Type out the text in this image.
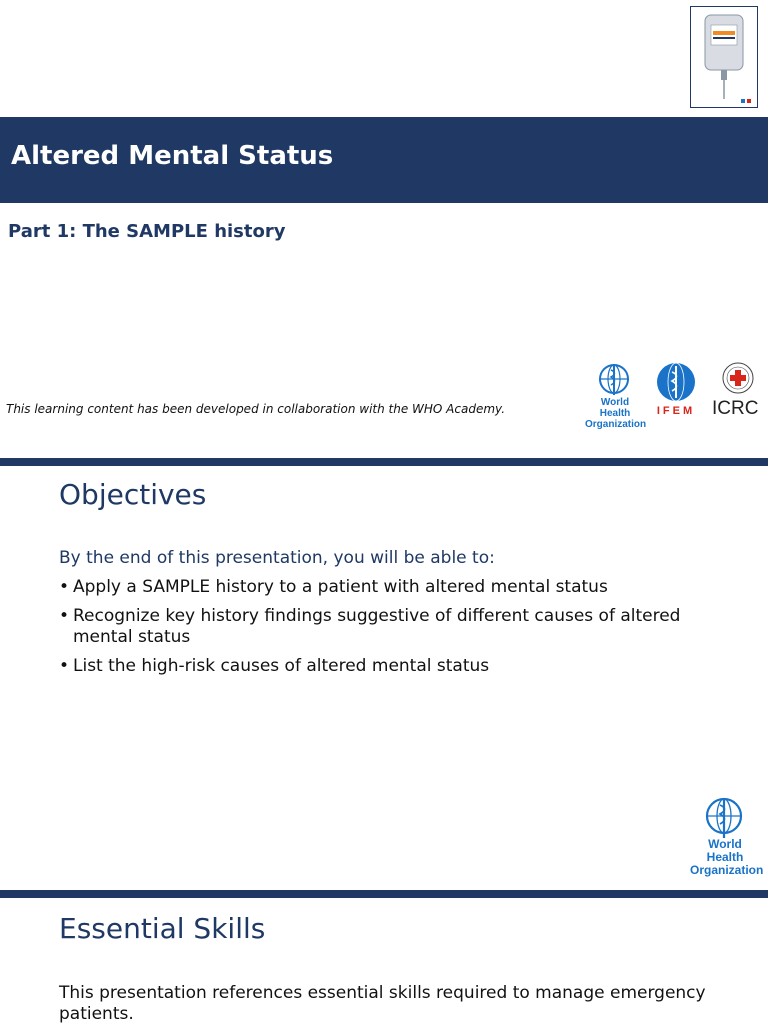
Altered Mental Status

Part 1: The SAMPLE history

This learning content has been developed in collaboration with the WHO Academy.	World Health
Organization
IFEM ICRC
Objectives
By the end of this presentation, you will be able to:
• Apply a SAMPLE history to a patient with altered mental status
• Recognize key history findings suggestive of different causes of altered mental status
• List the high-risk causes of altered mental status
World Health
Organization
Essential Skills
This presentation references essential skills required to manage emergency patients.
